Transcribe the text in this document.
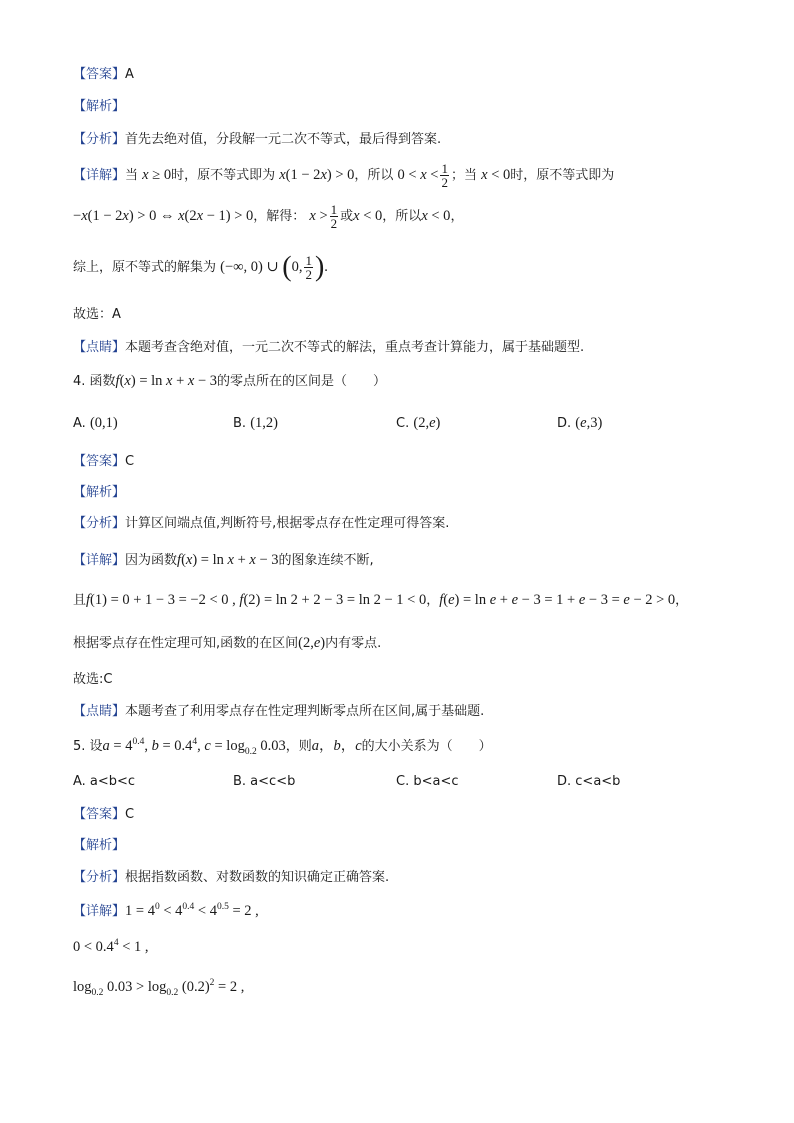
【答案】A
【解析】
【分析】首先去绝对值，分段解一元二次不等式，最后得到答案.
【详解】当 x ≥ 0时，原不等式即为 x(1 − 2x) > 0，所以 $0 < x < \frac{1}{2}$ ；当 x < 0时，原不等式即为
−x(1 − 2x) > 0 ⇔ x(2x − 1) > 0，解得： $x > \frac{1}{2}$ 或x < 0，所以x < 0，
综上，原不等式的解集为 (−∞, 0) ∪ (0, $\frac{1}{2}$ ).
故选：A
【点睛】本题考查含绝对值，一元二次不等式的解法，重点考查计算能力，属于基础题型.
4. 函数f(x) = ln x + x − 3的零点所在的区间是（　　）
A. (0,1)	B. (1,2)	C. (2,e)	D. (e,3)
【答案】C
【解析】
【分析】计算区间端点值,判断符号,根据零点存在性定理可得答案.
【详解】因为函数f(x) = ln x + x − 3的图象连续不断,
且f(1) = 0 + 1 − 3 = −2 < 0 , f(2) = ln 2 + 2 − 3 = ln 2 − 1 < 0，f(e) = ln e + e − 3 = 1 + e − 3 = e − 2 > 0，
根据零点存在性定理可知,函数的在区间(2,e)内有零点.
故选:C
【点睛】本题考查了利用零点存在性定理判断零点所在区间,属于基础题.
5. 设$a = 4^{0.4}$, $b = 0.4^4$, $c = \log_{0.2} 0.03$，则a，b，c的大小关系为（　　）
A. a<b<c	B. a<c<b	C. b<a<c	D. c<a<b
【答案】C
【解析】
【分析】根据指数函数、对数函数的知识确定正确答案.
【详解】$1 = 4^0 < 4^{0.4} < 4^{0.5} = 2$ ,
$0 < 0.4^4 < 1$ ,
$\log_{0.2} 0.03 > \log_{0.2} (0.2)^2 = 2$ ,
